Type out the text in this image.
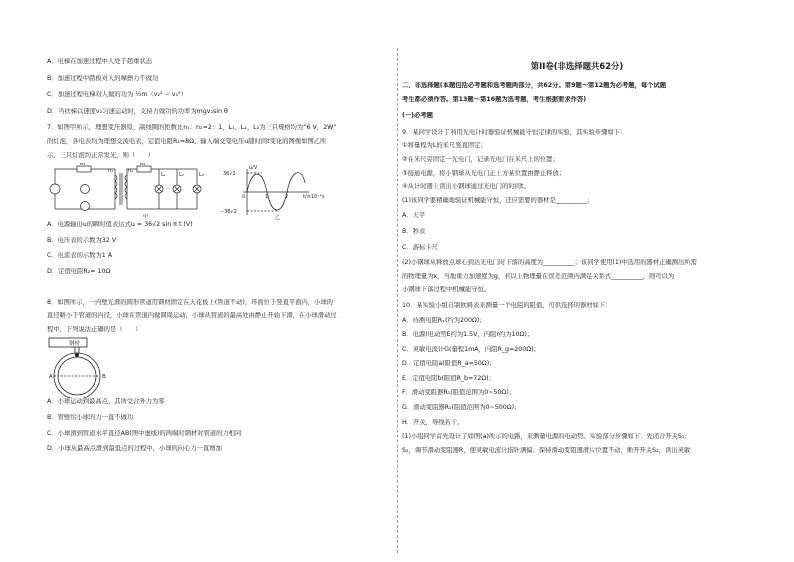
A．电梯在加速过程中人处于超重状态
B．加速过程中踏板对人的摩擦力不做功
C．加速过程电梯对人做的功为 ½m（v₂² − v₁²）
D．当扶梯以速度v₂匀速运动时，支持力做功的功率为mgv₂sin θ
7．如图甲所示，理想变压器原、副线圈的匝数比n₁：n₂=2：1，L₁、L₂、L₃为三只规格均为“6 V，2W”
的灯泡，各电表均为理想交流电表，定值电阻R₁=8Ω。输入端交变电压u随时间t变化的图像如图乙所
示，三只灯泡均正常发光，则（　　）
R₁	R₂
n₁	n₂
L₁	L₂	L₃
甲
u/V
36√2
−36√2
0	1	2	t/×10⁻²s
乙
A．电源输出u的瞬时值表达式u = 36√2 sin π t (V)
B．电压表的示数为32 V
C．电流表的示数为1 A
D．定值电阻R₂= 10Ω
8．如图所示，一内壁光滑的圆形管道用钢材固定在天花板上(管道不动)，环面位于竖直平面内，小球的
直径略小于管道的内径，小球在管道内做圆周运动，小球从管道的最高处由静止开始下滑，在小球滑动过
程中，下列说法正确的是（　　）
钢材
A	B
A．小球运动到最高点，其所受合外力为零
B．管壁给小球的力一直不做功
C．小球滑到管道水平直径AB(图中虚线)的两端时钢材对管道的力相同
D．小球从最高点滑到最低点的过程中，小球的向心力一直增加
第II卷(非选择题共62分)
二、非选择题(本题包括必考题和选考题两部分，共62分。第9题～第12题为必考题，每个试题
考生都必须作答。第13题～第16题为选考题，考生根据要求作答)
(一)必考题
9．某同学设计了利用光电计时器验证机械能守恒定律的实验，其实验步骤如下：
①将量程为L的米尺竖直固定；
②在米尺旁固定一光电门，记录光电门在米尺上的位置；
③接通电源，将小钢球从光电门正上方某位置由静止释放；
④从计时器上读出小钢球通过光电门的时间t。
(1)该同学要精确地验证机械能守恒，还应需要的器材是__________；
A．天平
B．秒表
C．游标卡尺
(2)小钢球从释放点球心到达光电门时下落的高度为__________；该同学使用(1)中选用的器材正确测出所需
的物理量为x，当地重力加速度为g，若以上物理量在误差范围内满足关系式__________，则可以为
小钢球下落过程中机械能守恒。
10．某实验小组自制欧姆表来测量一个电阻的阻值，可供选择的器材如下：
A．待测电阻Rₓ(约为200Ω)；
B．电源(电动势E约为1.5V，内阻r约为10Ω)；
C．灵敏电流计G(量程1mA，内阻R_g=200Ω)；
D．定值电阻a(阻值R_a=50Ω)；
E．定值电阻b(阻值R_b=72Ω)；
F．滑动变阻器R₁(阻值范围为0~50Ω)；
G．滑动变阻器R₂(阻值范围为0~500Ω)；
H．开关，导线若干。
(1)小组同学首先设计了如图(a)所示的电路，来测量电源的电动势。实验部分步骤如下：先闭合开关S₁、
S₂，调节滑动变阻器R，使灵敏电流计指针满偏；保持滑动变阻器滑片位置不动，断开开关S₂，读出灵敏
